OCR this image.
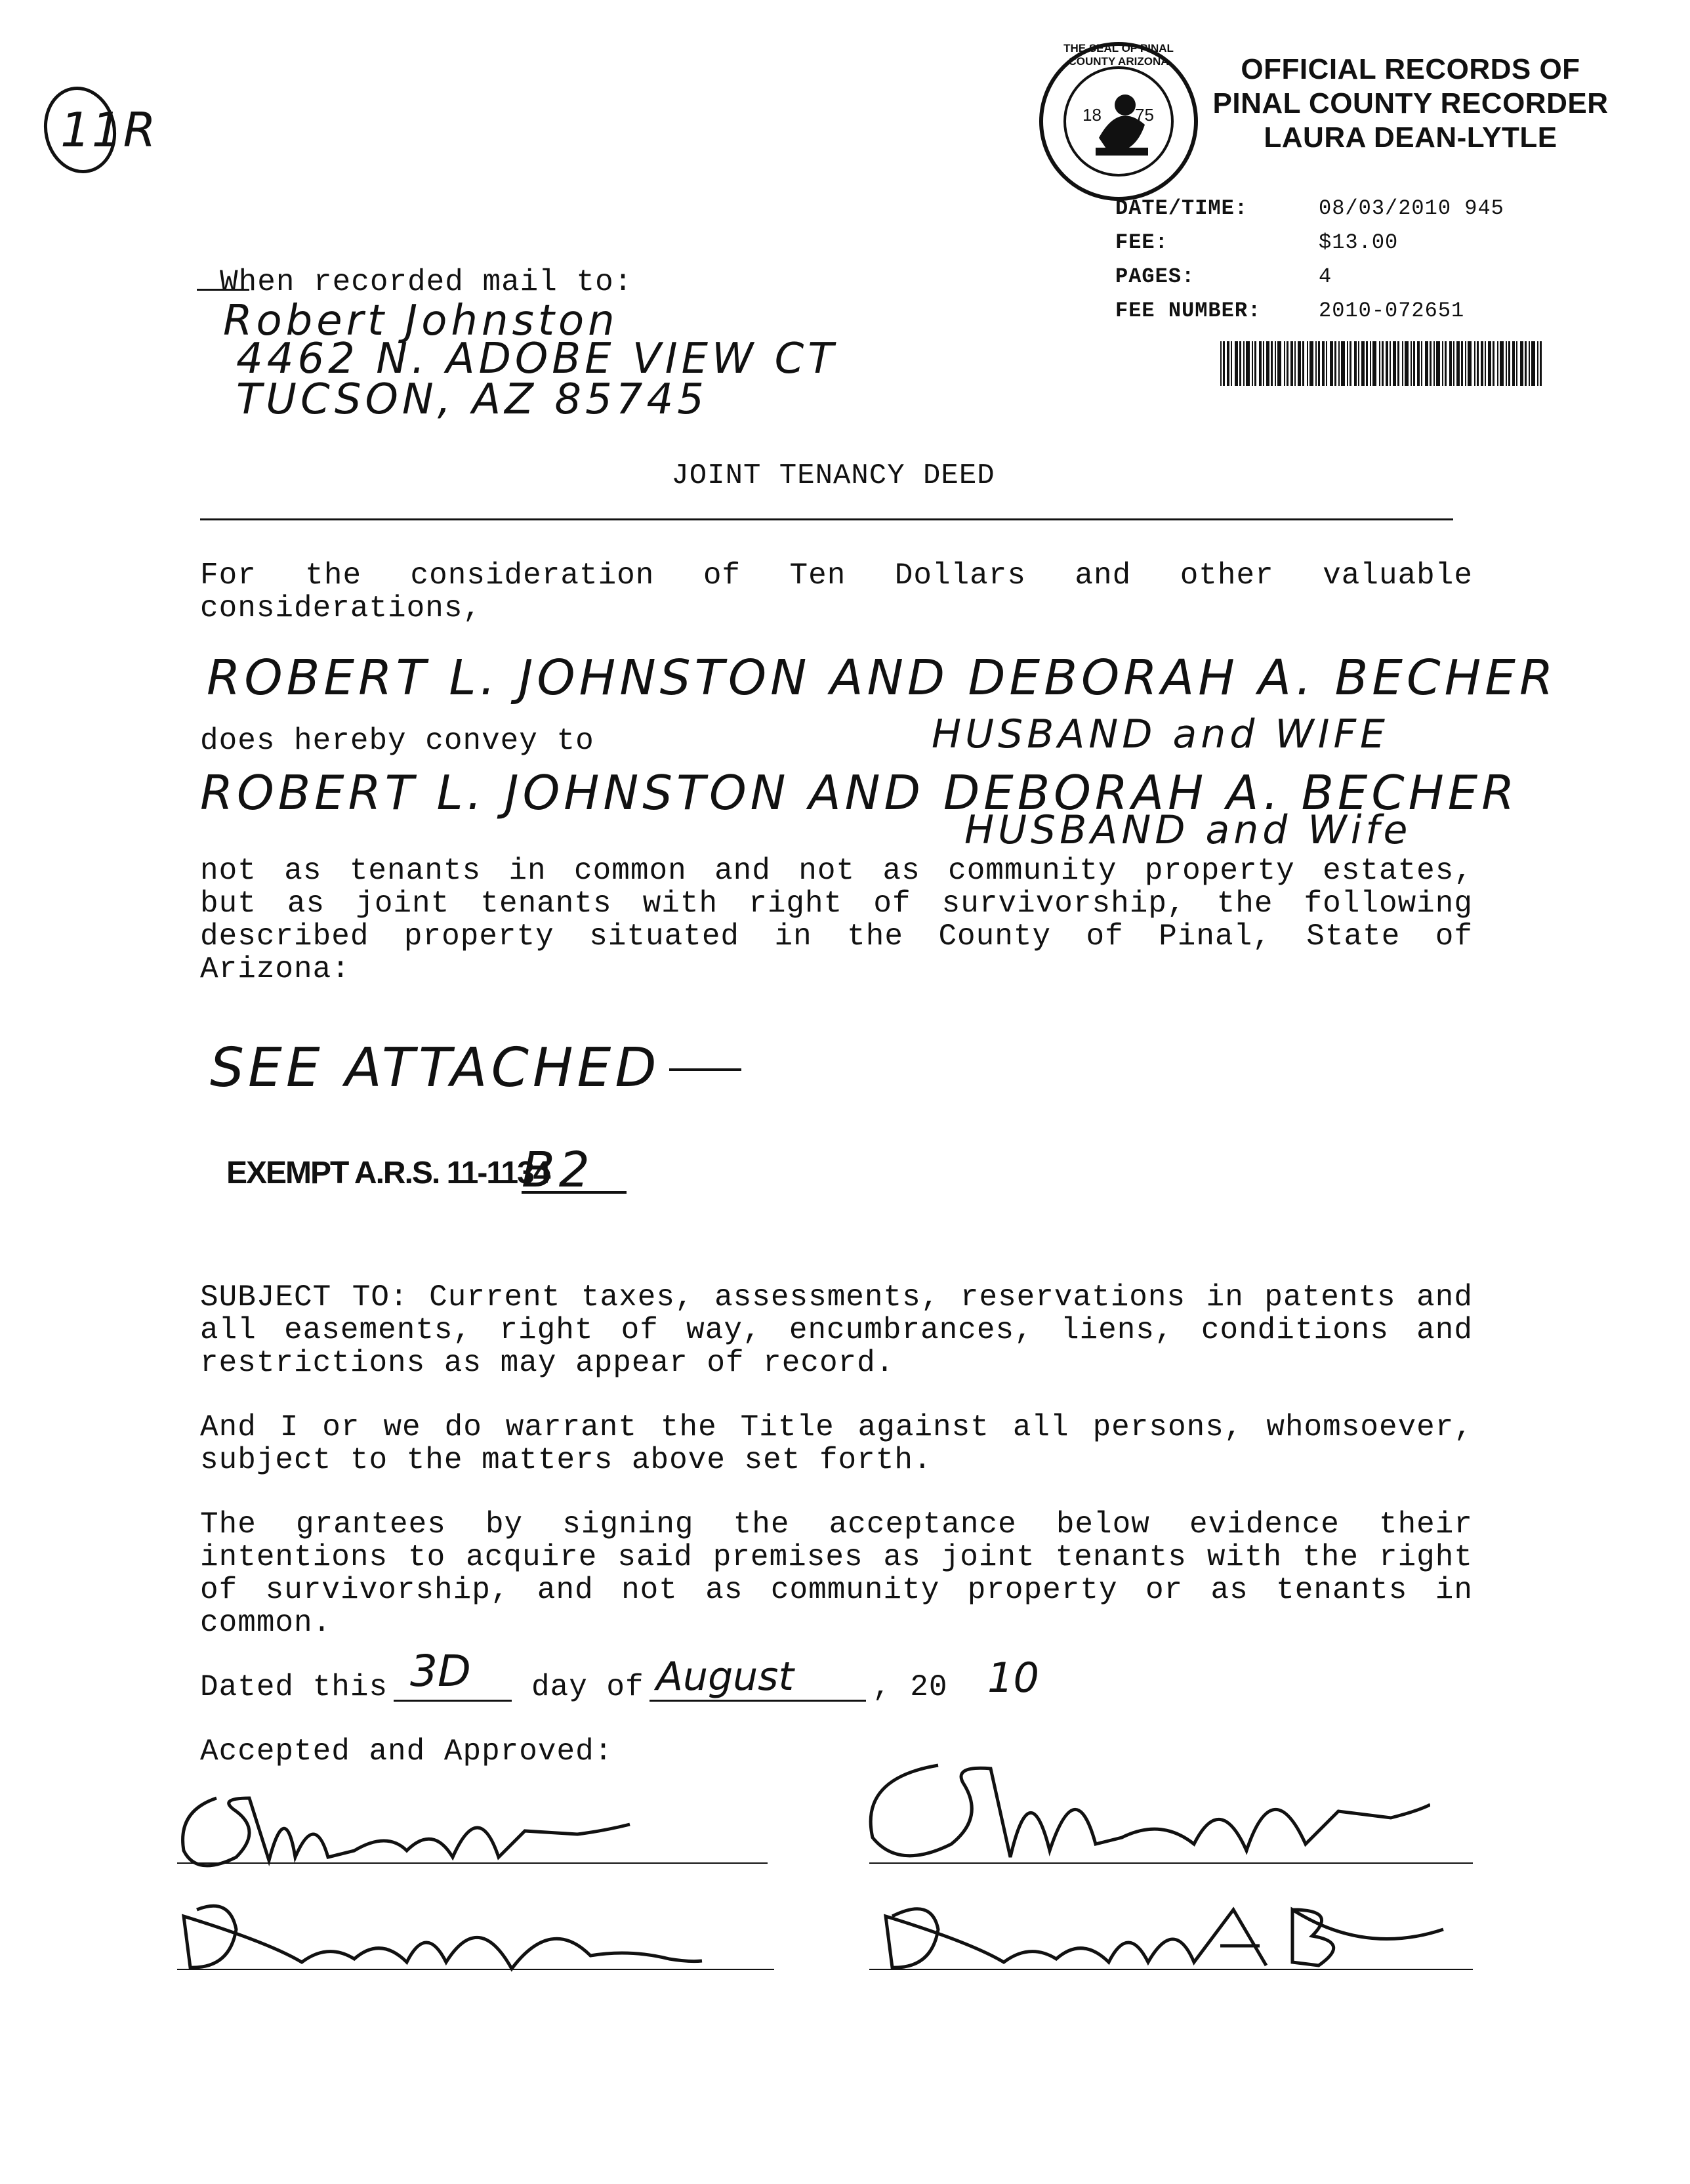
11R	18 75
THE SEAL OF PINAL COUNTY ARIZONA	OFFICIAL RECORDS OF
PINAL COUNTY RECORDER
LAURA DEAN-LYTLE
DATE/TIME:	08/03/2010 945
FEE:	$13.00
PAGES:	4
FEE NUMBER:	2010-072651
When recorded mail to:
Robert Johnston
4462 N. ADOBE VIEW CT
TUCSON, AZ 85745
JOINT TENANCY DEED
For the consideration of Ten Dollars and other valuable
considerations,
ROBERT L. JOHNSTON AND DEBORAH A. BECHER
does hereby convey to	HUSBAND and WIFE
ROBERT L. JOHNSTON AND DEBORAH A. BECHER
HUSBAND and Wife
not as tenants in common and not as community property estates,
but as joint tenants with right of survivorship, the following
described property situated in the County of Pinal, State of
Arizona:
SEE ATTACHED
EXEMPT A.R.S. 11-1134
B2
SUBJECT TO: Current taxes, assessments, reservations in patents and all easements, right of way, encumbrances, liens, conditions and restrictions as may appear of record.
And I or we do warrant the Title against all persons, whomsoever, subject to the matters above set forth.
The grantees by signing the acceptance below evidence their intentions to acquire said premises as joint tenants with the right of survivorship, and not as community property or as tenants in common.
Dated this 3D day of August	, 20 10
Accepted and Approved:
